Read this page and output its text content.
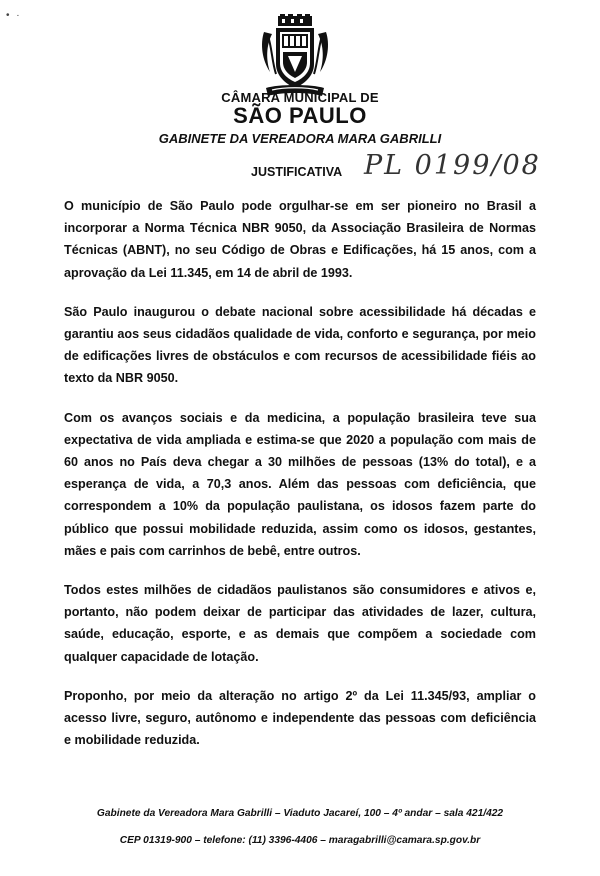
• ·
CÂMARA MUNICIPAL DE
SÃO PAULO
GABINETE DA VEREADORA MARA GABRILLI
JUSTIFICATIVA PL 0199/08

O município de São Paulo pode orgulhar-se em ser pioneiro no Brasil a incorporar a Norma Técnica NBR 9050, da Associação Brasileira de Normas Técnicas (ABNT), no seu Código de Obras e Edificações, há 15 anos, com a aprovação da Lei 11.345, em 14 de abril de 1993.

São Paulo inaugurou o debate nacional sobre acessibilidade há décadas e garantiu aos seus cidadãos qualidade de vida, conforto e segurança, por meio de edificações livres de obstáculos e com recursos de acessibilidade fiéis ao texto da NBR 9050.

Com os avanços sociais e da medicina, a população brasileira teve sua expectativa de vida ampliada e estima-se que 2020 a população com mais de 60 anos no País deva chegar a 30 milhões de pessoas (13% do total), e a esperança de vida, a 70,3 anos. Além das pessoas com deficiência, que correspondem a 10% da população paulistana, os idosos fazem parte do público que possui mobilidade reduzida, assim como os idosos, gestantes, mães e pais com carrinhos de bebê, entre outros.

Todos estes milhões de cidadãos paulistanos são consumidores e ativos e, portanto, não podem deixar de participar das atividades de lazer, cultura, saúde, educação, esporte, e as demais que compõem a sociedade com qualquer capacidade de lotação.

Proponho, por meio da alteração no artigo 2º da Lei 11.345/93, ampliar o acesso livre, seguro, autônomo e independente das pessoas com deficiência e mobilidade reduzida.

Gabinete da Vereadora Mara Gabrilli – Viaduto Jacareí, 100 – 4º andar – sala 421/422
CEP 01319-900 – telefone: (11) 3396-4406 – maragabrilli@camara.sp.gov.br
